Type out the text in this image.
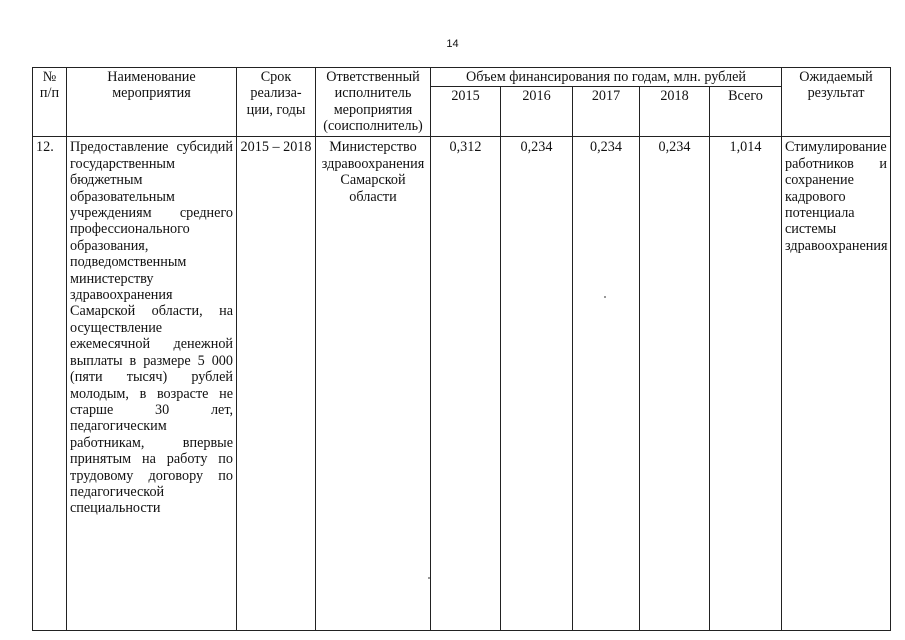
14
№ п/п	Наименование мероприятия	Срок реализа-ции, годы	Ответственный исполнитель мероприятия (соисполнитель)	Объем финансирования по годам, млн. рублей					Ожидаемый результат
				2015	2016	2017	2018	Всего	
12.	Предоставление субсидий государственным бюджетным образовательным учреждениям среднего профессионального образования, подведомственным министерству здравоохранения Самарской области, на осуществление ежемесячной денежной выплаты в размере 5 000 (пяти тысяч) рублей молодым, в возрасте не старше 30 лет, педагогическим работникам, впервые принятым на работу по трудовому договору по педагогической специальности	2015 – 2018	Министерство здравоохранения Самарской области	0,312	0,234	0,234	0,234	1,014	Стимулирование работников и сохранение кадрового потенциала системы здравоохранения
